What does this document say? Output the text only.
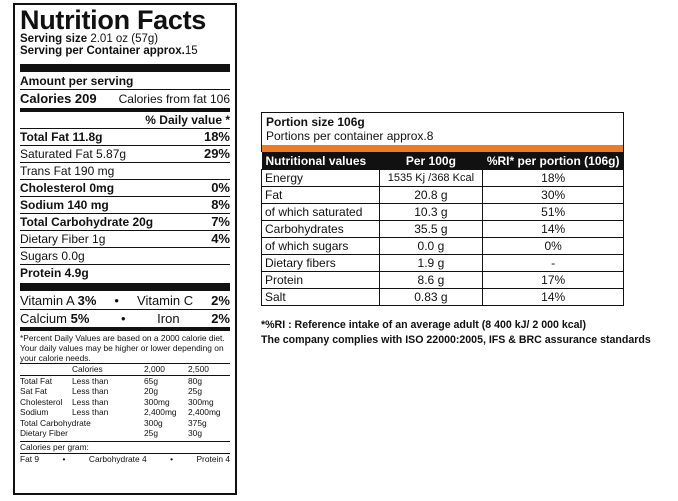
Nutrition Facts
Serving size 2.01 oz (57g)
Serving per Container approx.15
Amount per serving
Calories 209 Calories from fat 106
% Daily value *
Total Fat 11.8g	18%
Saturated Fat 5.87g	29%
Trans Fat 190 mg
Cholesterol 0mg	0%
Sodium 140 mg	8%
Total Carbohydrate 20g	7%
Dietary Fiber 1g	4%
Sugars 0.0g
Protein 4.9g
Vitamin A 3% • Vitamin C 2%
Calcium 5% • Iron 2%
*Percent Daily Values are based on a 2000 calorie diet. Your daily values may be higher or lower depending on your calorie needs.
	Calories	2,000	2,500
Total Fat	Less than	65g	80g
Sat Fat	Less than	20g	25g
Cholesterol	Less than	300mg	300mg
Sodium	Less than	2,400mg	2,400mg
Total Carbohydrate		300g	375g
Dietary Fiber		25g	30g
Calories per gram:
Fat 9	•	Carbohydrate 4	•	Protein 4
Portion size 106g
Portions per container approx.8
Nutritional values	Per 100g	%RI* per portion (106g)
Energy	1535 Kj /368 Kcal	18%
Fat	20.8 g	30%
of which saturated	10.3 g	51%
Carbohydrates	35.5 g	14%
of which sugars	0.0 g	0%
Dietary fibers	1.9 g	-
Protein	8.6 g	17%
Salt	0.83 g	14%
*%RI : Reference intake of an average adult (8 400 kJ/ 2 000 kcal)
The company complies with ISO 22000:2005, IFS & BRC assurance standards
